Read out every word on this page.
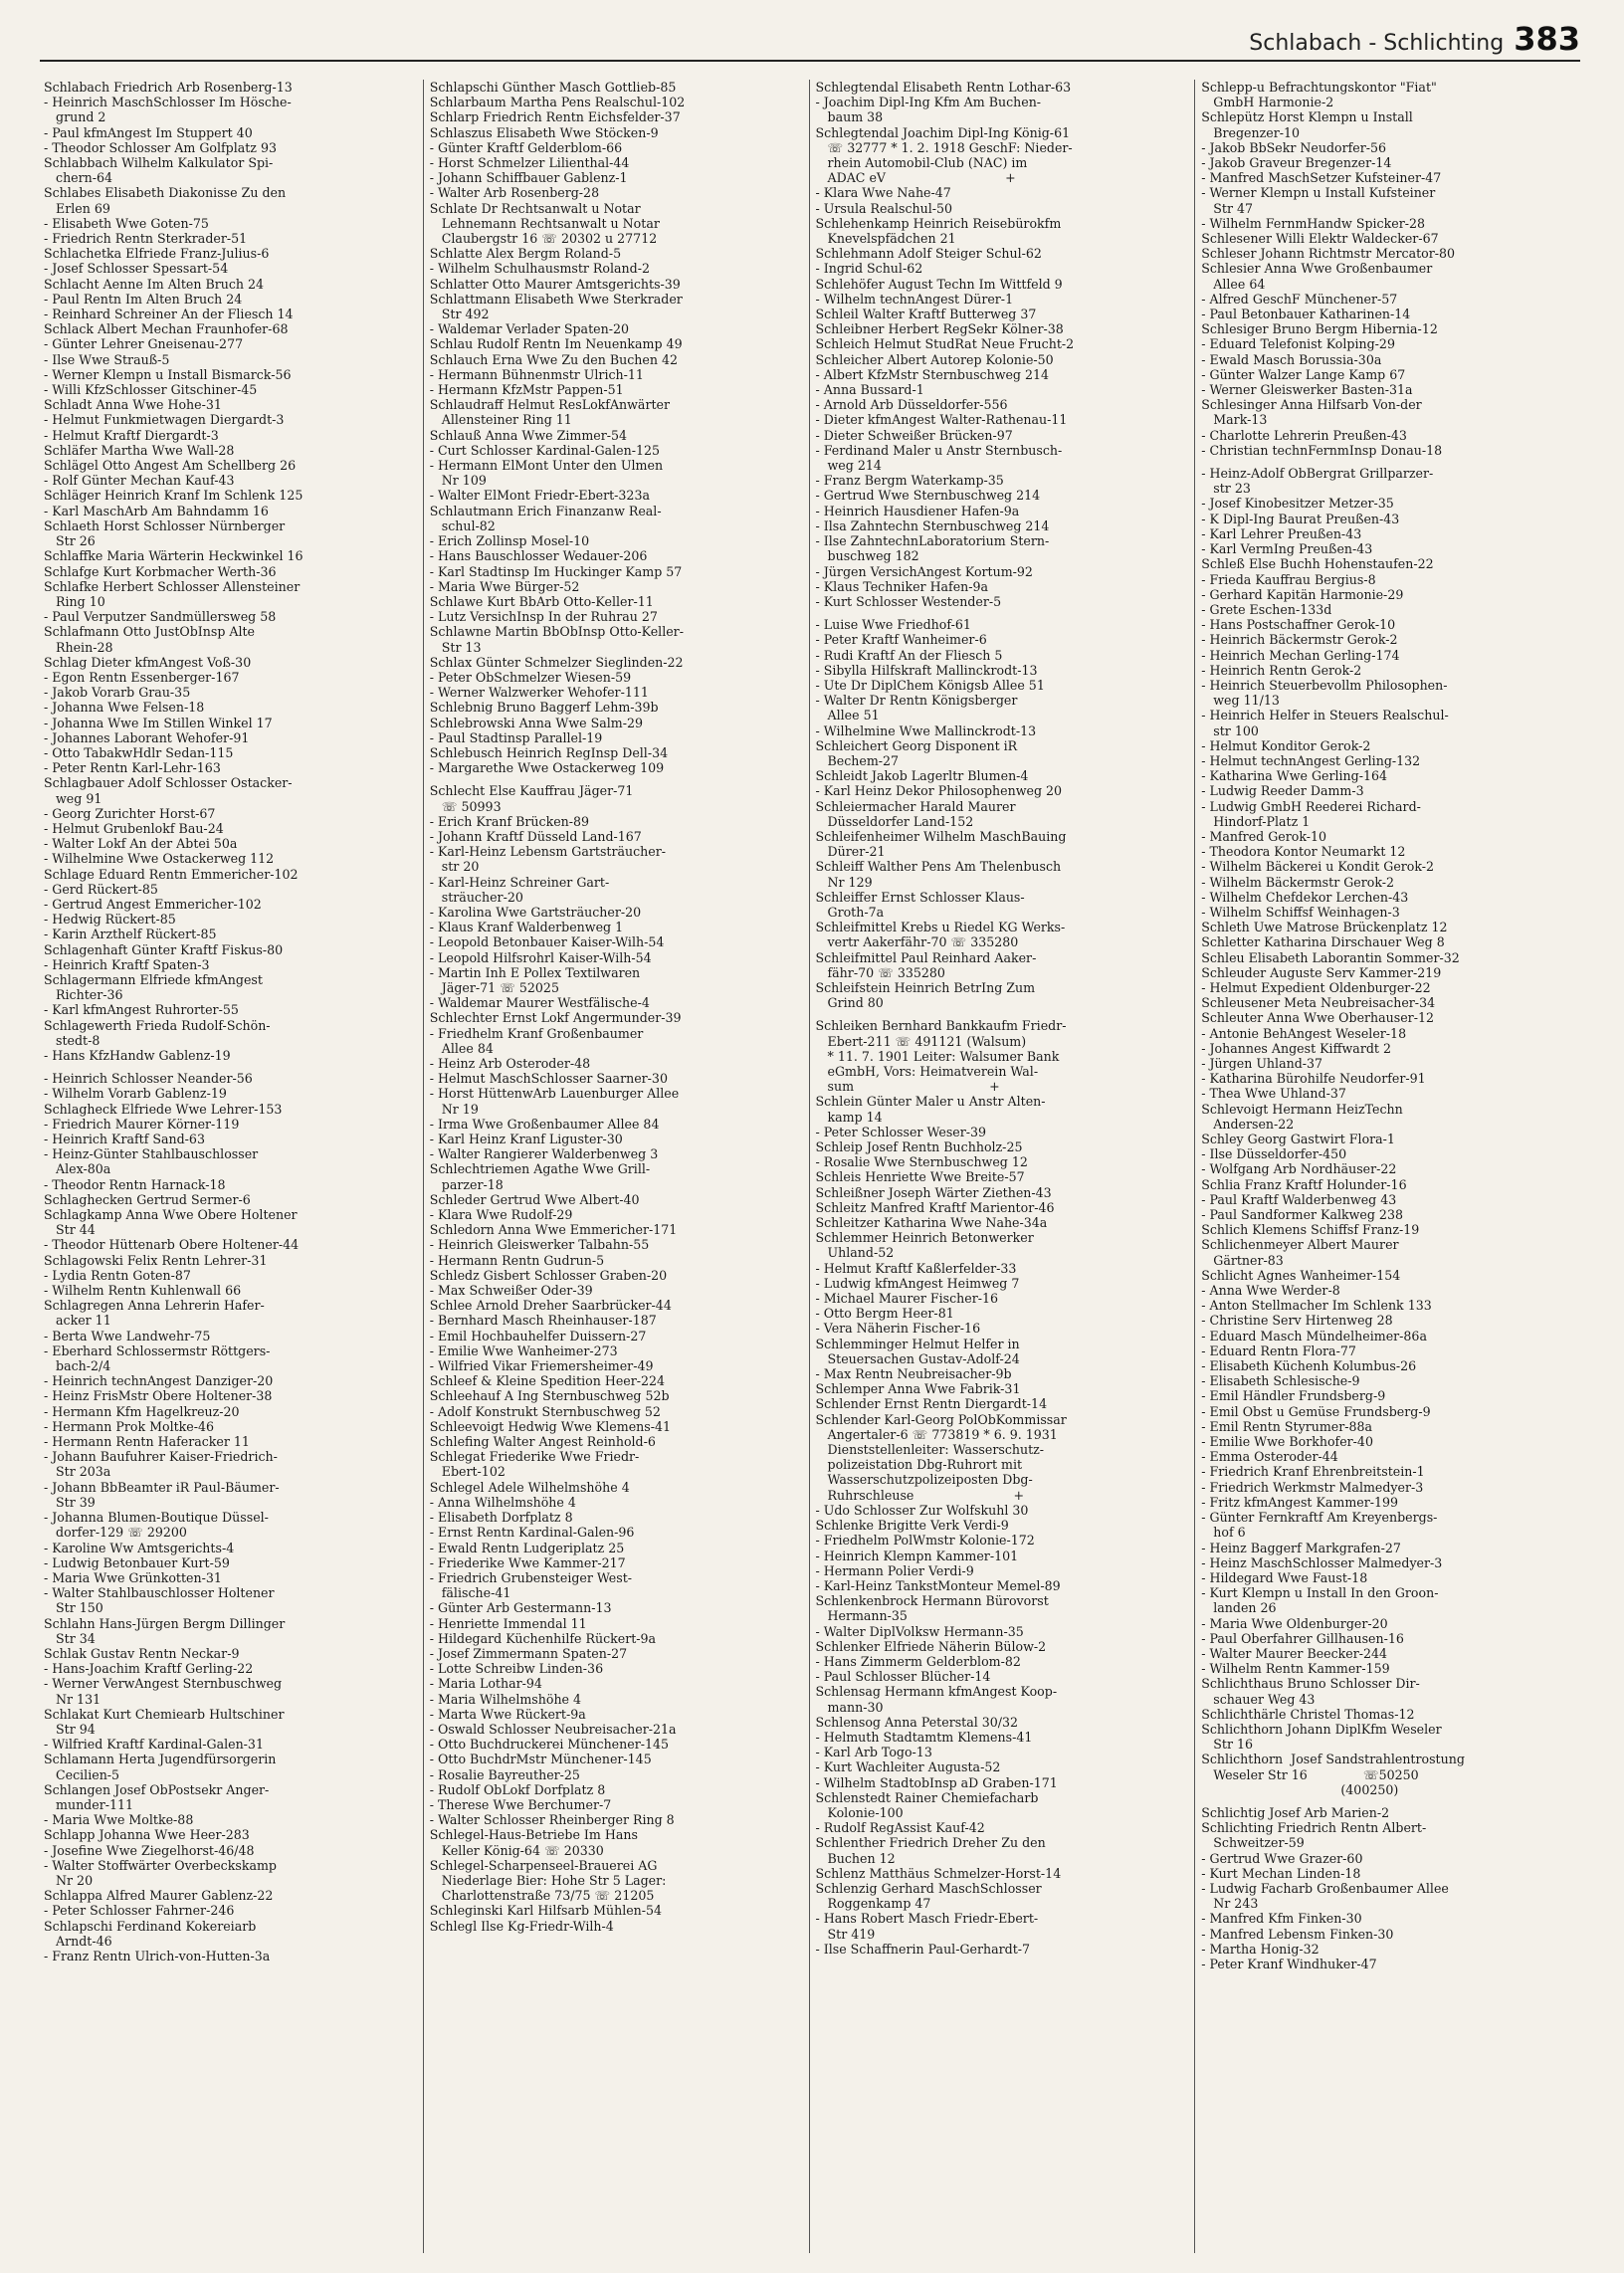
Schlabach - Schlichting 383
Schlabach Friedrich Arb Rosenberg-13
- Heinrich MaschSchlosser Im Hösche-
grund 2
- Paul kfmAngest Im Stuppert 40
- Theodor Schlosser Am Golfplatz 93
Schlabbach Wilhelm Kalkulator Spi-
chern-64
Schlabes Elisabeth Diakonisse Zu den
Erlen 69
- Elisabeth Wwe Goten-75
- Friedrich Rentn Sterkrader-51
Schlachetka Elfriede Franz-Julius-6
- Josef Schlosser Spessart-54
Schlacht Aenne Im Alten Bruch 24
- Paul Rentn Im Alten Bruch 24
- Reinhard Schreiner An der Fliesch 14
Schlack Albert Mechan Fraunhofer-68
- Günter Lehrer Gneisenau-277
- Ilse Wwe Strauß-5
- Werner Klempn u Install Bismarck-56
- Willi KfzSchlosser Gitschiner-45
Schladt Anna Wwe Hohe-31
- Helmut Funkmietwagen Diergardt-3
- Helmut Kraftf Diergardt-3
Schläfer Martha Wwe Wall-28
Schlägel Otto Angest Am Schellberg 26
- Rolf Günter Mechan Kauf-43
Schläger Heinrich Kranf Im Schlenk 125
- Karl MaschArb Am Bahndamm 16
Schlaeth Horst Schlosser Nürnberger
Str 26
Schlaffke Maria Wärterin Heckwinkel 16
Schlafge Kurt Korbmacher Werth-36
Schlafke Herbert Schlosser Allensteiner
Ring 10
- Paul Verputzer Sandmüllersweg 58
Schlafmann Otto JustObInsp Alte
Rhein-28
Schlag Dieter kfmAngest Voß-30
- Egon Rentn Essenberger-167
- Jakob Vorarb Grau-35
- Johanna Wwe Felsen-18
- Johanna Wwe Im Stillen Winkel 17
- Johannes Laborant Wehofer-91
- Otto TabakwHdlr Sedan-115
- Peter Rentn Karl-Lehr-163
Schlagbauer Adolf Schlosser Ostacker-
weg 91
- Georg Zurichter Horst-67
- Helmut Grubenlokf Bau-24
- Walter Lokf An der Abtei 50a
- Wilhelmine Wwe Ostackerweg 112
Schlage Eduard Rentn Emmericher-102
- Gerd Rückert-85
- Gertrud Angest Emmericher-102
- Hedwig Rückert-85
- Karin Arzthelf Rückert-85
Schlagenhaft Günter Kraftf Fiskus-80
- Heinrich Kraftf Spaten-3
Schlagermann Elfriede kfmAngest
Richter-36
- Karl kfmAngest Ruhrorter-55
Schlagewerth Frieda Rudolf-Schön-
stedt-8
- Hans KfzHandw Gablenz-19
- Heinrich Schlosser Neander-56
- Wilhelm Vorarb Gablenz-19
Schlagheck Elfriede Wwe Lehrer-153
- Friedrich Maurer Körner-119
- Heinrich Kraftf Sand-63
- Heinz-Günter Stahlbauschlosser
Alex-80a
- Theodor Rentn Harnack-18
Schlaghecken Gertrud Sermer-6
Schlagkamp Anna Wwe Obere Holtener
Str 44
- Theodor Hüttenarb Obere Holtener-44
Schlagowski Felix Rentn Lehrer-31
- Lydia Rentn Goten-87
- Wilhelm Rentn Kuhlenwall 66
Schlagregen Anna Lehrerin Hafer-
acker 11
- Berta Wwe Landwehr-75
- Eberhard Schlossermstr Röttgers-
bach-2/4
- Heinrich technAngest Danziger-20
- Heinz FrisMstr Obere Holtener-38
- Hermann Kfm Hagelkreuz-20
- Hermann Prok Moltke-46
- Hermann Rentn Haferacker 11
- Johann Baufuhrer Kaiser-Friedrich-
Str 203a
- Johann BbBeamter iR Paul-Bäumer-
Str 39
- Johanna Blumen-Boutique Düssel-
dorfer-129 ☏ 29200
- Karoline Ww Amtsgerichts-4
- Ludwig Betonbauer Kurt-59
- Maria Wwe Grünkotten-31
- Walter Stahlbauschlosser Holtener
Str 150
Schlahn Hans-Jürgen Bergm Dillinger
Str 34
Schlak Gustav Rentn Neckar-9
- Hans-Joachim Kraftf Gerling-22
- Werner VerwAngest Sternbuschweg
Nr 131
Schlakat Kurt Chemiearb Hultschiner
Str 94
- Wilfried Kraftf Kardinal-Galen-31
Schlamann Herta Jugendfürsorgerin
Cecilien-5
Schlangen Josef ObPostsekr Anger-
munder-111
- Maria Wwe Moltke-88
Schlapp Johanna Wwe Heer-283
- Josefine Wwe Ziegelhorst-46/48
- Walter Stoffwärter Overbeckskamp
Nr 20
Schlappa Alfred Maurer Gablenz-22
- Peter Schlosser Fahrner-246
Schlapschi Ferdinand Kokereiarb
Arndt-46
- Franz Rentn Ulrich-von-Hutten-3a
Schlapschi Günther Masch Gottlieb-85
Schlarbaum Martha Pens Realschul-102
Schlarp Friedrich Rentn Eichsfelder-37
Schlaszus Elisabeth Wwe Stöcken-9
- Günter Kraftf Gelderblom-66
- Horst Schmelzer Lilienthal-44
- Johann Schiffbauer Gablenz-1
- Walter Arb Rosenberg-28
Schlate Dr Rechtsanwalt u Notar
Lehnemann Rechtsanwalt u Notar
Claubergstr 16 ☏ 20302 u 27712
Schlatte Alex Bergm Roland-5
- Wilhelm Schulhausmstr Roland-2
Schlatter Otto Maurer Amtsgerichts-39
Schlattmann Elisabeth Wwe Sterkrader
Str 492
- Waldemar Verlader Spaten-20
Schlau Rudolf Rentn Im Neuenkamp 49
Schlauch Erna Wwe Zu den Buchen 42
- Hermann Bühnenmstr Ulrich-11
- Hermann KfzMstr Pappen-51
Schlaudraff Helmut ResLokfAnwärter
Allensteiner Ring 11
Schlauß Anna Wwe Zimmer-54
- Curt Schlosser Kardinal-Galen-125
- Hermann ElMont Unter den Ulmen
Nr 109
- Walter ElMont Friedr-Ebert-323a
Schlautmann Erich Finanzanw Real-
schul-82
- Erich Zollinsp Mosel-10
- Hans Bauschlosser Wedauer-206
- Karl Stadtinsp Im Huckinger Kamp 57
- Maria Wwe Bürger-52
Schlawe Kurt BbArb Otto-Keller-11
- Lutz VersichInsp In der Ruhrau 27
Schlawne Martin BbObInsp Otto-Keller-
Str 13
Schlax Günter Schmelzer Sieglinden-22
- Peter ObSchmelzer Wiesen-59
- Werner Walzwerker Wehofer-111
Schlebnig Bruno Baggerf Lehm-39b
Schlebrowski Anna Wwe Salm-29
- Paul Stadtinsp Parallel-19
Schlebusch Heinrich RegInsp Dell-34
- Margarethe Wwe Ostackerweg 109
Schlecht Else Kauffrau Jäger-71
☏ 50993
- Erich Kranf Brücken-89
- Johann Kraftf Düsseld Land-167
- Karl-Heinz Lebensm Gartsträucher-
str 20
- Karl-Heinz Schreiner Gart-
sträucher-20
- Karolina Wwe Gartsträucher-20
- Klaus Kranf Walderbenweg 1
- Leopold Betonbauer Kaiser-Wilh-54
- Leopold Hilfsrohrl Kaiser-Wilh-54
- Martin Inh E Pollex Textilwaren
Jäger-71 ☏ 52025
- Waldemar Maurer Westfälische-4
Schlechter Ernst Lokf Angermunder-39
- Friedhelm Kranf Großenbaumer
Allee 84
- Heinz Arb Osteroder-48
- Helmut MaschSchlosser Saarner-30
- Horst HüttenwArb Lauenburger Allee
Nr 19
- Irma Wwe Großenbaumer Allee 84
- Karl Heinz Kranf Liguster-30
- Walter Rangierer Walderbenweg 3
Schlechtriemen Agathe Wwe Grill-
parzer-18
Schleder Gertrud Wwe Albert-40
- Klara Wwe Rudolf-29
Schledorn Anna Wwe Emmericher-171
- Heinrich Gleiswerker Talbahn-55
- Hermann Rentn Gudrun-5
Schledz Gisbert Schlosser Graben-20
- Max Schweißer Oder-39
Schlee Arnold Dreher Saarbrücker-44
- Bernhard Masch Rheinhauser-187
- Emil Hochbauhelfer Duissern-27
- Emilie Wwe Wanheimer-273
- Wilfried Vikar Friemersheimer-49
Schleef & Kleine Spedition Heer-224
Schleehauf A Ing Sternbuschweg 52b
- Adolf Konstrukt Sternbuschweg 52
Schleevoigt Hedwig Wwe Klemens-41
Schlefing Walter Angest Reinhold-6
Schlegat Friederike Wwe Friedr-
Ebert-102
Schlegel Adele Wilhelmshöhe 4
- Anna Wilhelmshöhe 4
- Elisabeth Dorfplatz 8
- Ernst Rentn Kardinal-Galen-96
- Ewald Rentn Ludgeriplatz 25
- Friederike Wwe Kammer-217
- Friedrich Grubensteiger West-
fälische-41
- Günter Arb Gestermann-13
- Henriette Immendal 11
- Hildegard Küchenhilfe Rückert-9a
- Josef Zimmermann Spaten-27
- Lotte Schreibw Linden-36
- Maria Lothar-94
- Maria Wilhelmshöhe 4
- Marta Wwe Rückert-9a
- Oswald Schlosser Neubreisacher-21a
- Otto Buchdruckerei Münchener-145
- Otto BuchdrMstr Münchener-145
- Rosalie Bayreuther-25
- Rudolf ObLokf Dorfplatz 8
- Therese Wwe Berchumer-7
- Walter Schlosser Rheinberger Ring 8
Schlegel-Haus-Betriebe Im Hans
Keller König-64 ☏ 20330
Schlegel-Scharpenseel-Brauerei AG
Niederlage Bier: Hohe Str 5 Lager:
Charlottenstraße 73/75 ☏ 21205
Schleginski Karl Hilfsarb Mühlen-54
Schlegl Ilse Kg-Friedr-Wilh-4
Schlegtendal Elisabeth Rentn Lothar-63
- Joachim Dipl-Ing Kfm Am Buchen-
baum 38
Schlegtendal Joachim Dipl-Ing König-61
☏ 32777 * 1. 2. 1918 GeschF: Nieder-
rhein Automobil-Club (NAC) im
ADAC eV                              +
- Klara Wwe Nahe-47
- Ursula Realschul-50
Schlehenkamp Heinrich Reisebürokfm
Knevelspfädchen 21
Schlehmann Adolf Steiger Schul-62
- Ingrid Schul-62
Schlehöfer August Techn Im Wittfeld 9
- Wilhelm technAngest Dürer-1
Schleil Walter Kraftf Butterweg 37
Schleibner Herbert RegSekr Kölner-38
Schleich Helmut StudRat Neue Frucht-2
Schleicher Albert Autorep Kolonie-50
- Albert KfzMstr Sternbuschweg 214
- Anna Bussard-1
- Arnold Arb Düsseldorfer-556
- Dieter kfmAngest Walter-Rathenau-11
- Dieter Schweißer Brücken-97
- Ferdinand Maler u Anstr Sternbusch-
weg 214
- Franz Bergm Waterkamp-35
- Gertrud Wwe Sternbuschweg 214
- Heinrich Hausdiener Hafen-9a
- Ilsa Zahntechn Sternbuschweg 214
- Ilse ZahntechnLaboratorium Stern-
buschweg 182
- Jürgen VersichAngest Kortum-92
- Klaus Techniker Hafen-9a
- Kurt Schlosser Westender-5
- Luise Wwe Friedhof-61
- Peter Kraftf Wanheimer-6
- Rudi Kraftf An der Fliesch 5
- Sibylla Hilfskraft Mallinckrodt-13
- Ute Dr DiplChem Königsb Allee 51
- Walter Dr Rentn Königsberger
Allee 51
- Wilhelmine Wwe Mallinckrodt-13
Schleichert Georg Disponent iR
Bechem-27
Schleidt Jakob Lagerltr Blumen-4
- Karl Heinz Dekor Philosophenweg 20
Schleiermacher Harald Maurer
Düsseldorfer Land-152
Schleifenheimer Wilhelm MaschBauing
Dürer-21
Schleiff Walther Pens Am Thelenbusch
Nr 129
Schleiffer Ernst Schlosser Klaus-
Groth-7a
Schleifmittel Krebs u Riedel KG Werks-
vertr Aakerfähr-70 ☏ 335280
Schleifmittel Paul Reinhard Aaker-
fähr-70 ☏ 335280
Schleifstein Heinrich BetrIng Zum
Grind 80
Schleiken Bernhard Bankkaufm Friedr-
Ebert-211 ☏ 491121 (Walsum)
* 11. 7. 1901 Leiter: Walsumer Bank
eGmbH, Vors: Heimatverein Wal-
sum                                  +
Schlein Günter Maler u Anstr Alten-
kamp 14
- Peter Schlosser Weser-39
Schleip Josef Rentn Buchholz-25
- Rosalie Wwe Sternbuschweg 12
Schleis Henriette Wwe Breite-57
Schleißner Joseph Wärter Ziethen-43
Schleitz Manfred Kraftf Marientor-46
Schleitzer Katharina Wwe Nahe-34a
Schlemmer Heinrich Betonwerker
Uhland-52
- Helmut Kraftf Kaßlerfelder-33
- Ludwig kfmAngest Heimweg 7
- Michael Maurer Fischer-16
- Otto Bergm Heer-81
- Vera Näherin Fischer-16
Schlemminger Helmut Helfer in
Steuersachen Gustav-Adolf-24
- Max Rentn Neubreisacher-9b
Schlemper Anna Wwe Fabrik-31
Schlender Ernst Rentn Diergardt-14
Schlender Karl-Georg PolObKommissar
Angertaler-6 ☏ 773819 * 6. 9. 1931
Dienststellenleiter: Wasserschutz-
polizeistation Dbg-Ruhrort mit
Wasserschutzpolizeiposten Dbg-
Ruhrschleuse                         +
- Udo Schlosser Zur Wolfskuhl 30
Schlenke Brigitte Verk Verdi-9
- Friedhelm PolWmstr Kolonie-172
- Heinrich Klempn Kammer-101
- Hermann Polier Verdi-9
- Karl-Heinz TankstMonteur Memel-89
Schlenkenbrock Hermann Bürovorst
Hermann-35
- Walter DiplVolksw Hermann-35
Schlenker Elfriede Näherin Bülow-2
- Hans Zimmerm Gelderblom-82
- Paul Schlosser Blücher-14
Schlensag Hermann kfmAngest Koop-
mann-30
Schlensog Anna Peterstal 30/32
- Helmuth Stadtamtm Klemens-41
- Karl Arb Togo-13
- Kurt Wachleiter Augusta-52
- Wilhelm StadtobInsp aD Graben-171
Schlenstedt Rainer Chemiefacharb
Kolonie-100
- Rudolf RegAssist Kauf-42
Schlenther Friedrich Dreher Zu den
Buchen 12
Schlenz Matthäus Schmelzer-Horst-14
Schlenzig Gerhard MaschSchlosser
Roggenkamp 47
- Hans Robert Masch Friedr-Ebert-
Str 419
- Ilse Schaffnerin Paul-Gerhardt-7
Schlepp-u Befrachtungskontor "Fiat"
GmbH Harmonie-2
Schlepütz Horst Klempn u Install
Bregenzer-10
- Jakob BbSekr Neudorfer-56
- Jakob Graveur Bregenzer-14
- Manfred MaschSetzer Kufsteiner-47
- Werner Klempn u Install Kufsteiner
Str 47
- Wilhelm FernmHandw Spicker-28
Schlesener Willi Elektr Waldecker-67
Schleser Johann Richtmstr Mercator-80
Schlesier Anna Wwe Großenbaumer
Allee 64
- Alfred GeschF Münchener-57
- Paul Betonbauer Katharinen-14
Schlesiger Bruno Bergm Hibernia-12
- Eduard Telefonist Kolping-29
- Ewald Masch Borussia-30a
- Günter Walzer Lange Kamp 67
- Werner Gleiswerker Basten-31a
Schlesinger Anna Hilfsarb Von-der
Mark-13
- Charlotte Lehrerin Preußen-43
- Christian technFernmInsp Donau-18
- Heinz-Adolf ObBergrat Grillparzer-
str 23
- Josef Kinobesitzer Metzer-35
- K Dipl-Ing Baurat Preußen-43
- Karl Lehrer Preußen-43
- Karl VermIng Preußen-43
Schleß Else Buchh Hohenstaufen-22
- Frieda Kauffrau Bergius-8
- Gerhard Kapitän Harmonie-29
- Grete Eschen-133d
- Hans Postschaffner Gerok-10
- Heinrich Bäckermstr Gerok-2
- Heinrich Mechan Gerling-174
- Heinrich Rentn Gerok-2
- Heinrich Steuerbevollm Philosophen-
weg 11/13
- Heinrich Helfer in Steuers Realschul-
str 100
- Helmut Konditor Gerok-2
- Helmut technAngest Gerling-132
- Katharina Wwe Gerling-164
- Ludwig Reeder Damm-3
- Ludwig GmbH Reederei Richard-
Hindorf-Platz 1
- Manfred Gerok-10
- Theodora Kontor Neumarkt 12
- Wilhelm Bäckerei u Kondit Gerok-2
- Wilhelm Bäckermstr Gerok-2
- Wilhelm Chefdekor Lerchen-43
- Wilhelm Schiffsf Weinhagen-3
Schleth Uwe Matrose Brückenplatz 12
Schletter Katharina Dirschauer Weg 8
Schleu Elisabeth Laborantin Sommer-32
Schleuder Auguste Serv Kammer-219
- Helmut Expedient Oldenburger-22
Schleusener Meta Neubreisacher-34
Schleuter Anna Wwe Oberhauser-12
- Antonie BehAngest Weseler-18
- Johannes Angest Kiffwardt 2
- Jürgen Uhland-37
- Katharina Bürohilfe Neudorfer-91
- Thea Wwe Uhland-37
Schlevoigt Hermann HeizTechn
Andersen-22
Schley Georg Gastwirt Flora-1
- Ilse Düsseldorfer-450
- Wolfgang Arb Nordhäuser-22
Schlia Franz Kraftf Holunder-16
- Paul Kraftf Walderbenweg 43
- Paul Sandformer Kalkweg 238
Schlich Klemens Schiffsf Franz-19
Schlichenmeyer Albert Maurer
Gärtner-83
Schlicht Agnes Wanheimer-154
- Anna Wwe Werder-8
- Anton Stellmacher Im Schlenk 133
- Christine Serv Hirtenweg 28
- Eduard Masch Mündelheimer-86a
- Eduard Rentn Flora-77
- Elisabeth Küchenh Kolumbus-26
- Elisabeth Schlesische-9
- Emil Händler Frundsberg-9
- Emil Obst u Gemüse Frundsberg-9
- Emil Rentn Styrumer-88a
- Emilie Wwe Borkhofer-40
- Emma Osteroder-44
- Friedrich Kranf Ehrenbreitstein-1
- Friedrich Werkmstr Malmedyer-3
- Fritz kfmAngest Kammer-199
- Günter Fernkraftf Am Kreyenbergs-
hof 6
- Heinz Baggerf Markgrafen-27
- Heinz MaschSchlosser Malmedyer-3
- Hildegard Wwe Faust-18
- Kurt Klempn u Install In den Groon-
landen 26
- Maria Wwe Oldenburger-20
- Paul Oberfahrer Gillhausen-16
- Walter Maurer Beecker-244
- Wilhelm Rentn Kammer-159
Schlichthaus Bruno Schlosser Dir-
schauer Weg 43
Schlichthärle Christel Thomas-12
Schlichthorn Johann DiplKfm Weseler
Str 16
Schlichthorn  Josef Sandstrahlentrostung
Weseler Str 16              ☏50250
(400250)
Schlichtig Josef Arb Marien-2
Schlichting Friedrich Rentn Albert-
Schweitzer-59
- Gertrud Wwe Grazer-60
- Kurt Mechan Linden-18
- Ludwig Facharb Großenbaumer Allee
Nr 243
- Manfred Kfm Finken-30
- Manfred Lebensm Finken-30
- Martha Honig-32
- Peter Kranf Windhuker-47
